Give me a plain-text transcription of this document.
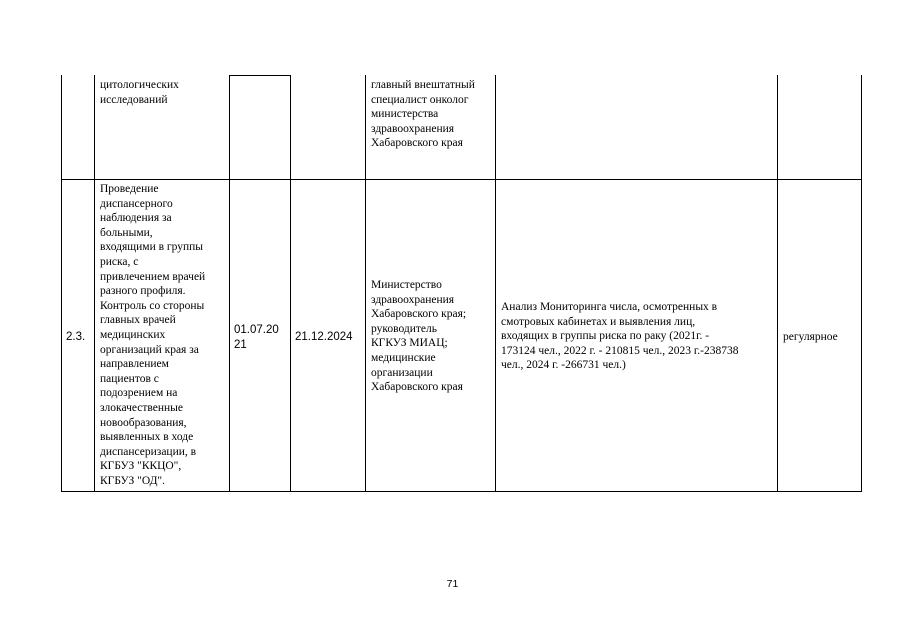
цитологических
исследований
главный внештатный
специалист онколог
министерства
здравоохранения
Хабаровского края
2.3.
Проведение
диспансерного
наблюдения за
больными,
входящими в группы
риска, с
привлечением врачей
разного профиля.
Контроль со стороны
главных врачей
медицинских
организаций края за
направлением
пациентов с
подозрением на
злокачественные
новообразования,
выявленных в ходе
диспансеризации, в
КГБУЗ "ККЦО",
КГБУЗ "ОД".
01.07.20
21
21.12.2024
Министерство
здравоохранения
Хабаровского края;
руководитель
КГКУЗ МИАЦ;
медицинские
организации
Хабаровского края
Анализ Мониторинга числа, осмотренных в
смотровых кабинетах и выявления лиц,
входящих в группы риска по раку (2021г. -
173124 чел., 2022 г. - 210815 чел., 2023 г.-238738
чел., 2024 г. -266731 чел.)
регулярное
71
